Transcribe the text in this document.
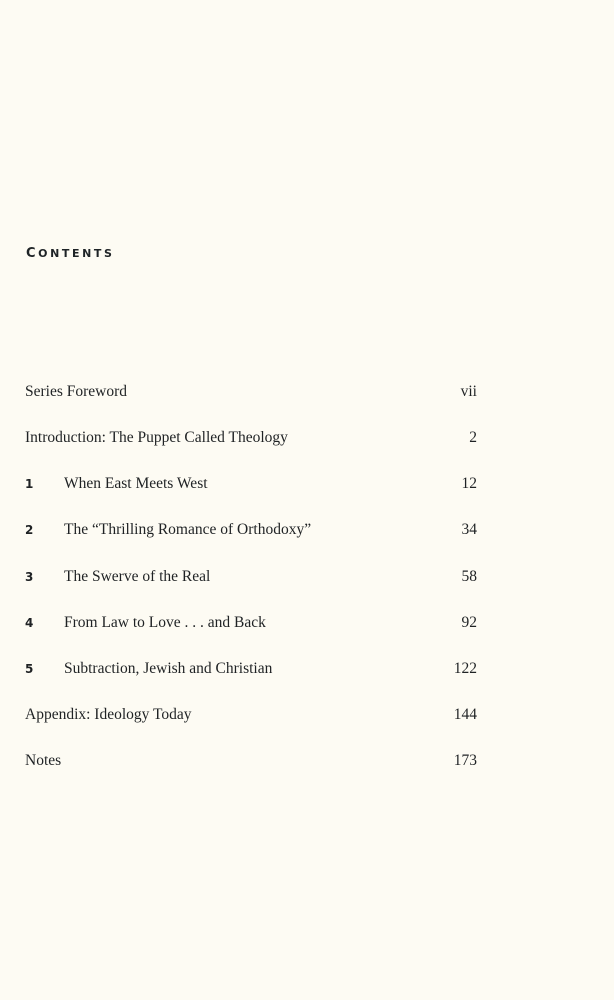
CONTENTS
Series Foreword	vii
Introduction: The Puppet Called Theology	2
1 When East Meets West	12
2 The “Thrilling Romance of Orthodoxy”	34
3 The Swerve of the Real	58
4 From Law to Love . . . and Back	92
5 Subtraction, Jewish and Christian	122
Appendix: Ideology Today	144
Notes	173
